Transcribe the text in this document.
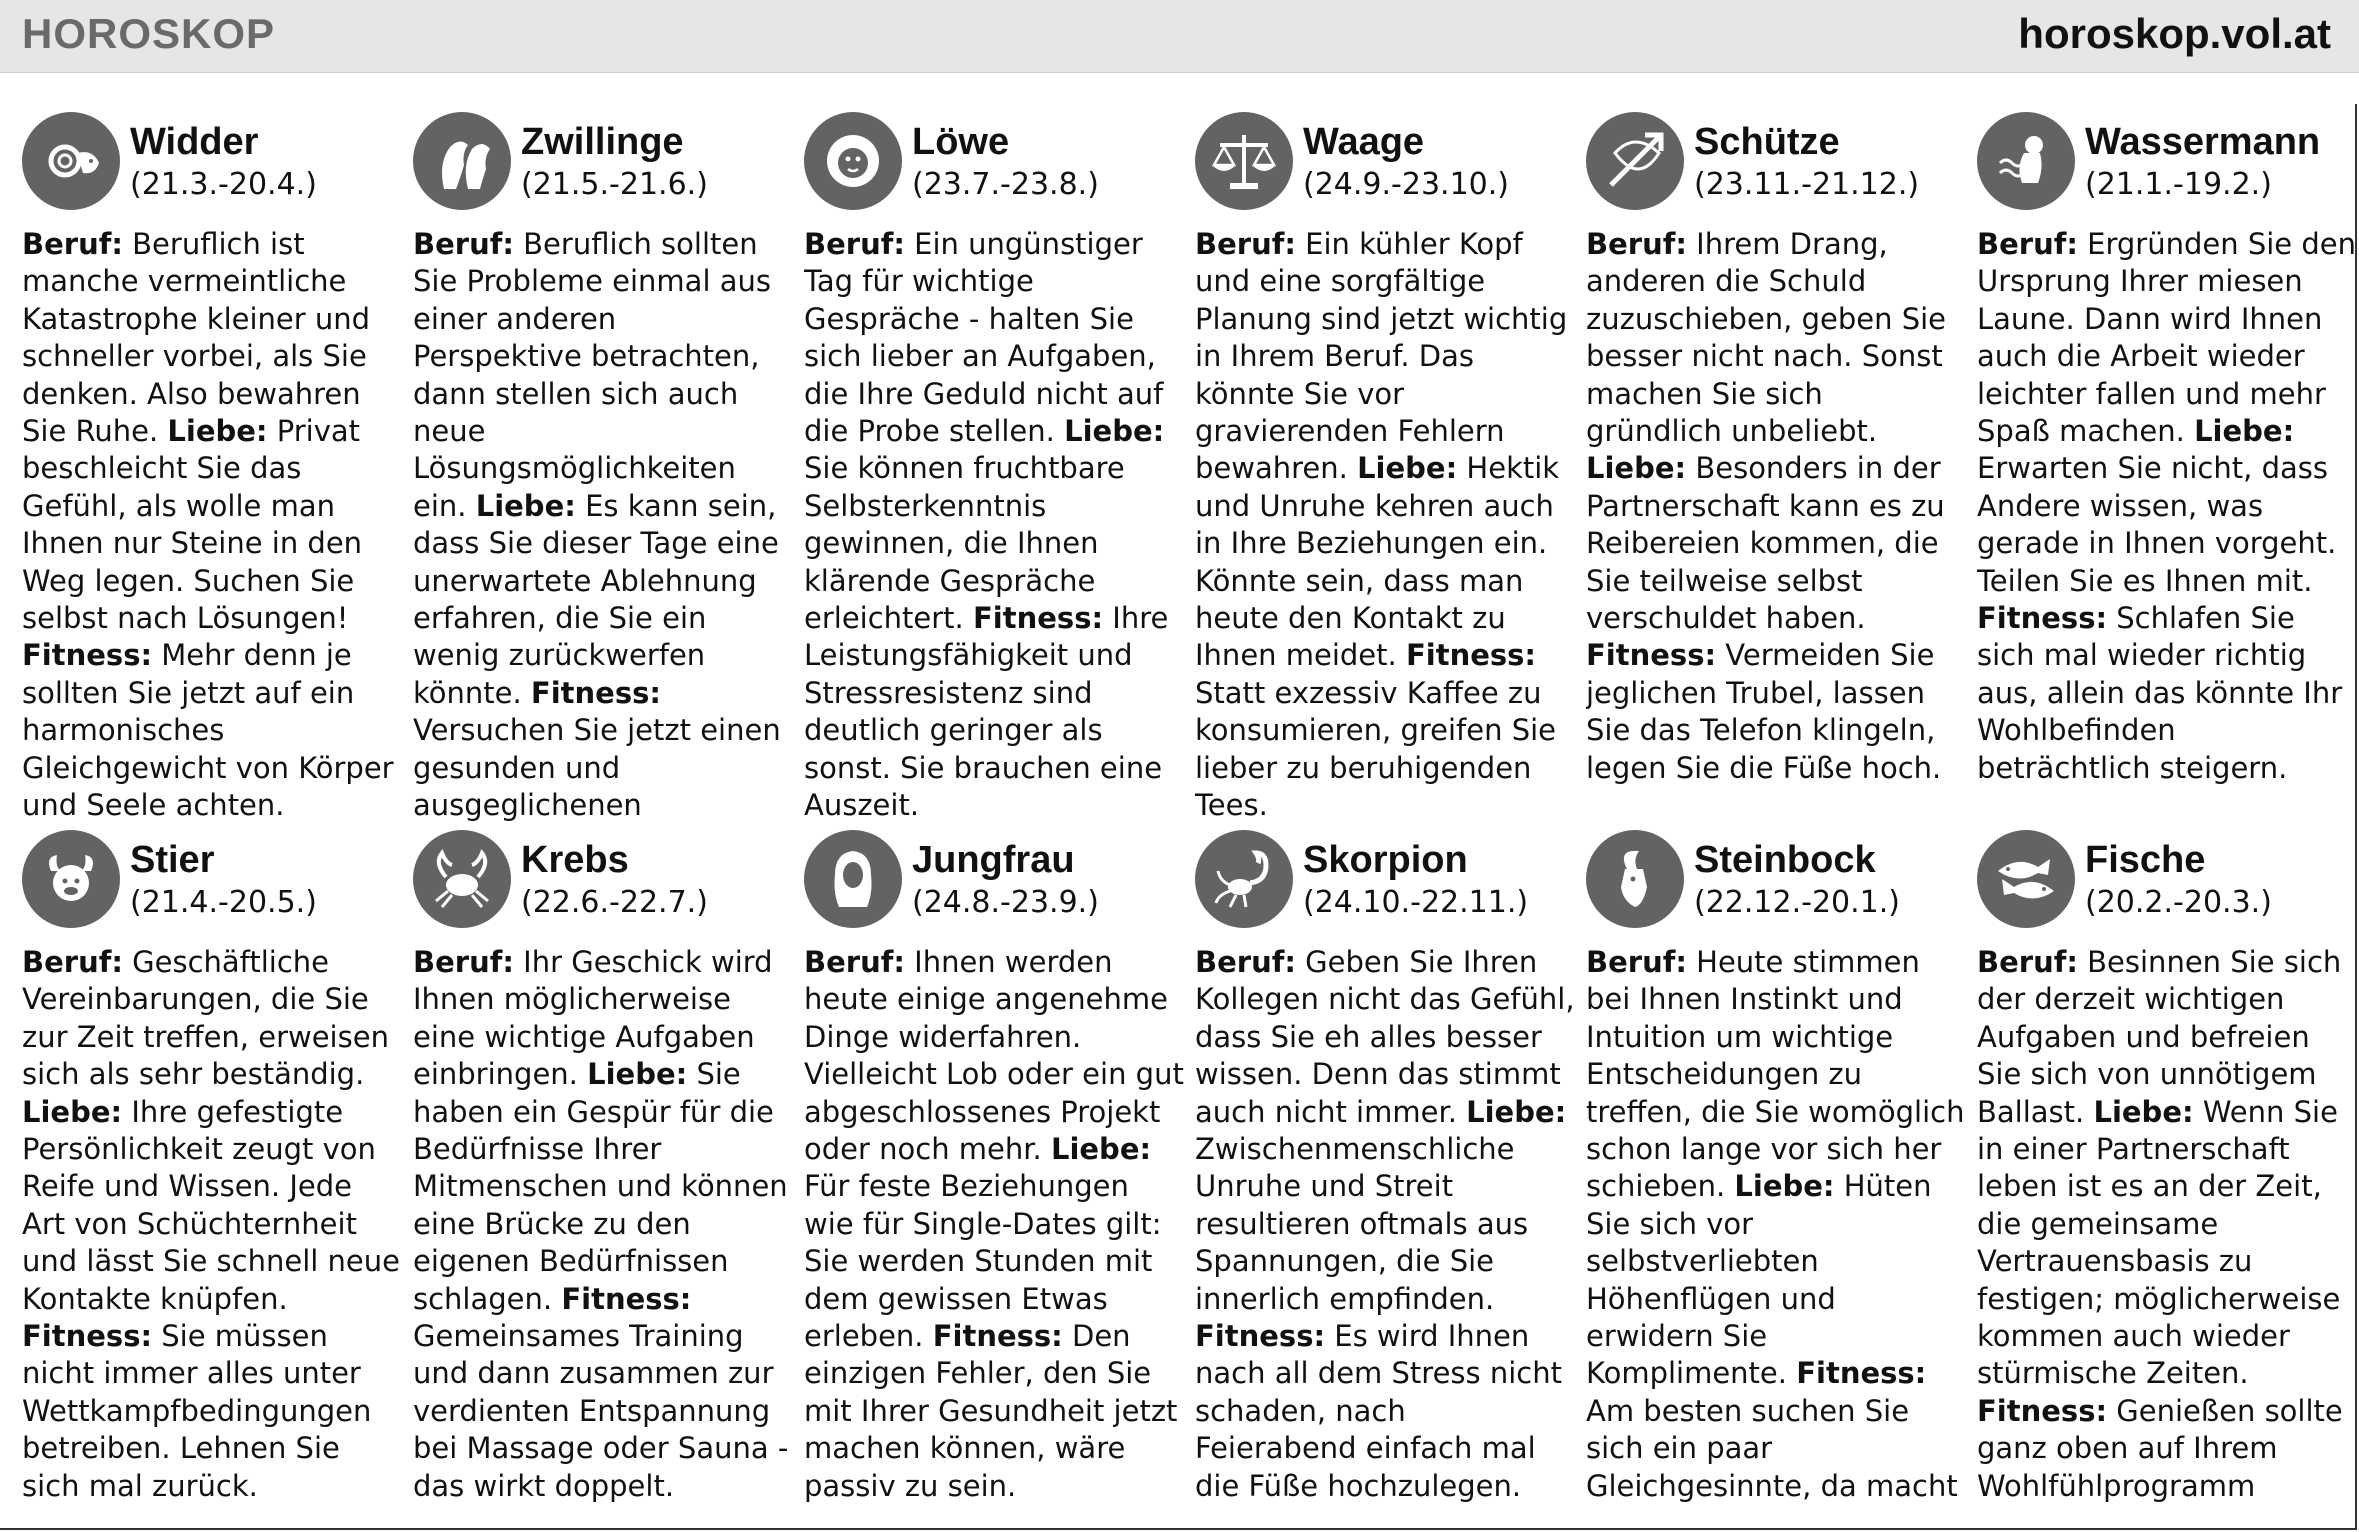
HOROSKOP	horoskop.vol.at
Widder
(21.3.-20.4.)
Beruf: Beruflich ist manche vermeintliche Katastrophe kleiner und schneller vorbei, als Sie denken. Also bewahren Sie Ruhe. Liebe: Privat beschleicht Sie das Gefühl, als wolle man Ihnen nur Steine in den Weg legen. Suchen Sie selbst nach Lösungen! Fitness: Mehr denn je sollten Sie jetzt auf ein harmonisches Gleichgewicht von Körper und Seele achten.
Zwillinge
(21.5.-21.6.)
Beruf: Beruflich sollten Sie Probleme einmal aus einer anderen Perspektive betrachten, dann stellen sich auch neue Lösungsmöglichkeiten ein. Liebe: Es kann sein, dass Sie dieser Tage eine unerwartete Ablehnung erfahren, die Sie ein wenig zurückwerfen könnte. Fitness: Versuchen Sie jetzt einen gesunden und ausgeglichenen
Löwe
(23.7.-23.8.)
Beruf: Ein ungünstiger Tag für wichtige Gespräche - halten Sie sich lieber an Aufgaben, die Ihre Geduld nicht auf die Probe stellen. Liebe: Sie können fruchtbare Selbsterkenntnis gewinnen, die Ihnen klärende Gespräche erleichtert. Fitness: Ihre Leistungsfähigkeit und Stressresistenz sind deutlich geringer als sonst. Sie brauchen eine Auszeit.
Waage
(24.9.-23.10.)
Beruf: Ein kühler Kopf und eine sorgfältige Planung sind jetzt wichtig in Ihrem Beruf. Das könnte Sie vor gravierenden Fehlern bewahren. Liebe: Hektik und Unruhe kehren auch in Ihre Beziehungen ein. Könnte sein, dass man heute den Kontakt zu Ihnen meidet. Fitness: Statt exzessiv Kaffee zu konsumieren, greifen Sie lieber zu beruhigenden Tees.
Schütze
(23.11.-21.12.)
Beruf: Ihrem Drang, anderen die Schuld zuzuschieben, geben Sie besser nicht nach. Sonst machen Sie sich gründlich unbeliebt. Liebe: Besonders in der Partnerschaft kann es zu Reibereien kommen, die Sie teilweise selbst verschuldet haben. Fitness: Vermeiden Sie jeglichen Trubel, lassen Sie das Telefon klingeln, legen Sie die Füße hoch.
Wassermann
(21.1.-19.2.)
Beruf: Ergründen Sie den Ursprung Ihrer miesen Laune. Dann wird Ihnen auch die Arbeit wieder leichter fallen und mehr Spaß machen. Liebe: Erwarten Sie nicht, dass Andere wissen, was gerade in Ihnen vorgeht. Teilen Sie es Ihnen mit. Fitness: Schlafen Sie sich mal wieder richtig aus, allein das könnte Ihr Wohlbefinden beträchtlich steigern.
Stier
(21.4.-20.5.)
Beruf: Geschäftliche Vereinbarungen, die Sie zur Zeit treffen, erweisen sich als sehr beständig. Liebe: Ihre gefestigte Persönlichkeit zeugt von Reife und Wissen. Jede Art von Schüchternheit und lässt Sie schnell neue Kontakte knüpfen. Fitness: Sie müssen nicht immer alles unter Wettkampfbedingungen betreiben. Lehnen Sie sich mal zurück.
Krebs
(22.6.-22.7.)
Beruf: Ihr Geschick wird Ihnen möglicherweise eine wichtige Aufgaben einbringen. Liebe: Sie haben ein Gespür für die Bedürfnisse Ihrer Mitmenschen und können eine Brücke zu den eigenen Bedürfnissen schlagen. Fitness: Gemeinsames Training und dann zusammen zur verdienten Entspannung bei Massage oder Sauna - das wirkt doppelt.
Jungfrau
(24.8.-23.9.)
Beruf: Ihnen werden heute einige angenehme Dinge widerfahren. Vielleicht Lob oder ein gut abgeschlossenes Projekt oder noch mehr. Liebe: Für feste Beziehungen wie für Single-Dates gilt: Sie werden Stunden mit dem gewissen Etwas erleben. Fitness: Den einzigen Fehler, den Sie mit Ihrer Gesundheit jetzt machen können, wäre passiv zu sein.
Skorpion
(24.10.-22.11.)
Beruf: Geben Sie Ihren Kollegen nicht das Gefühl, dass Sie eh alles besser wissen. Denn das stimmt auch nicht immer. Liebe: Zwischenmenschliche Unruhe und Streit resultieren oftmals aus Spannungen, die Sie innerlich empfinden. Fitness: Es wird Ihnen nach all dem Stress nicht schaden, nach Feierabend einfach mal die Füße hochzulegen.
Steinbock
(22.12.-20.1.)
Beruf: Heute stimmen bei Ihnen Instinkt und Intuition um wichtige Entscheidungen zu treffen, die Sie womöglich schon lange vor sich her schieben. Liebe: Hüten Sie sich vor selbstverliebten Höhenflügen und erwidern Sie Komplimente. Fitness: Am besten suchen Sie sich ein paar Gleichgesinnte, da macht
Fische
(20.2.-20.3.)
Beruf: Besinnen Sie sich der derzeit wichtigen Aufgaben und befreien Sie sich von unnötigem Ballast. Liebe: Wenn Sie in einer Partnerschaft leben ist es an der Zeit, die gemeinsame Vertrauensbasis zu festigen; möglicherweise kommen auch wieder stürmische Zeiten. Fitness: Genießen sollte ganz oben auf Ihrem Wohlfühlprogramm
